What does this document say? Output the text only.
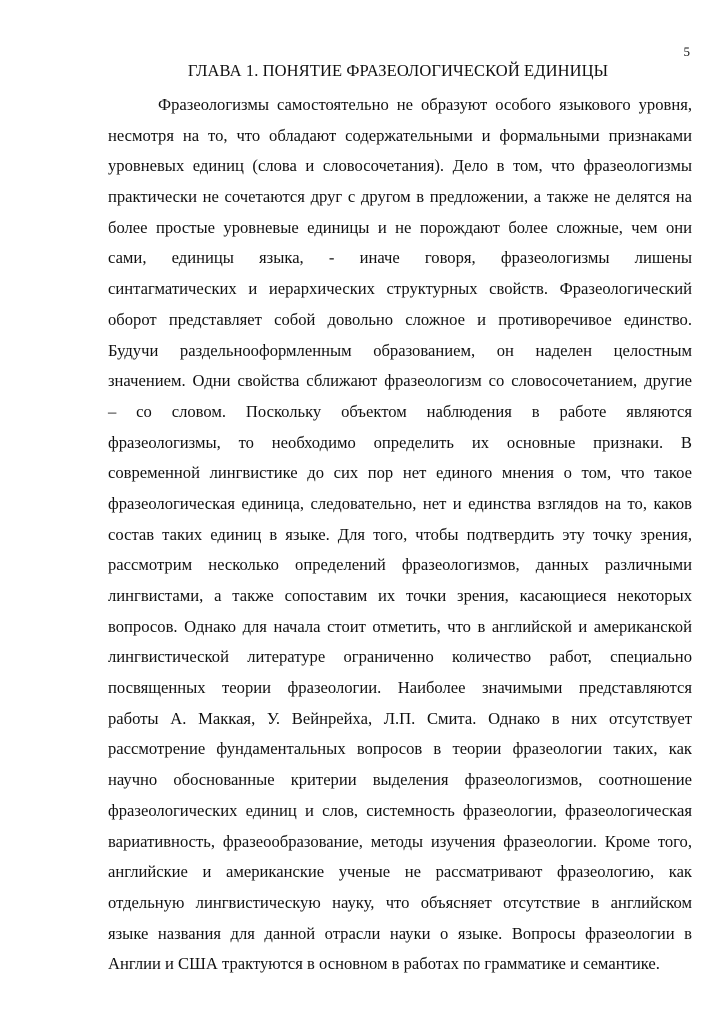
5
ГЛАВА 1. ПОНЯТИЕ ФРАЗЕОЛОГИЧЕСКОЙ ЕДИНИЦЫ
Фразеологизмы самостоятельно не образуют особого языкового уровня,
несмотря на то, что обладают содержательными и формальными признаками
уровневых единиц (слова и словосочетания). Дело в том, что фразеологизмы
практически не сочетаются друг с другом в предложении, а также не делятся на
более простые уровневые единицы и не порождают более сложные, чем они
сами, единицы языка, - иначе говоря, фразеологизмы лишены
синтагматических и иерархических структурных свойств. Фразеологический
оборот представляет собой довольно сложное и противоречивое единство.
Будучи раздельнооформленным образованием, он наделен целостным
значением. Одни свойства сближают фразеологизм со словосочетанием, другие
– со словом. Поскольку объектом наблюдения в работе являются
фразеологизмы, то необходимо определить их основные признаки. В
современной лингвистике до сих пор нет единого мнения о том, что такое
фразеологическая единица, следовательно, нет и единства взглядов на то, каков
состав таких единиц в языке. Для того, чтобы подтвердить эту точку зрения,
рассмотрим несколько определений фразеологизмов, данных различными
лингвистами, а также сопоставим их точки зрения, касающиеся некоторых
вопросов. Однако для начала стоит отметить, что в английской и американской
лингвистической литературе ограниченно количество работ, специально
посвященных теории фразеологии. Наиболее значимыми представляются
работы А. Маккая, У. Вейнрейха, Л.П. Смита. Однако в них отсутствует
рассмотрение фундаментальных вопросов в теории фразеологии таких, как
научно обоснованные критерии выделения фразеологизмов, соотношение
фразеологических единиц и слов, системность фразеологии, фразеологическая
вариативность, фразеообразование, методы изучения фразеологии. Кроме того,
английские и американские ученые не рассматривают фразеологию, как
отдельную лингвистическую науку, что объясняет отсутствие в английском
языке названия для данной отрасли науки о языке. Вопросы фразеологии в
Англии и США трактуются в основном в работах по грамматике и семантике.
